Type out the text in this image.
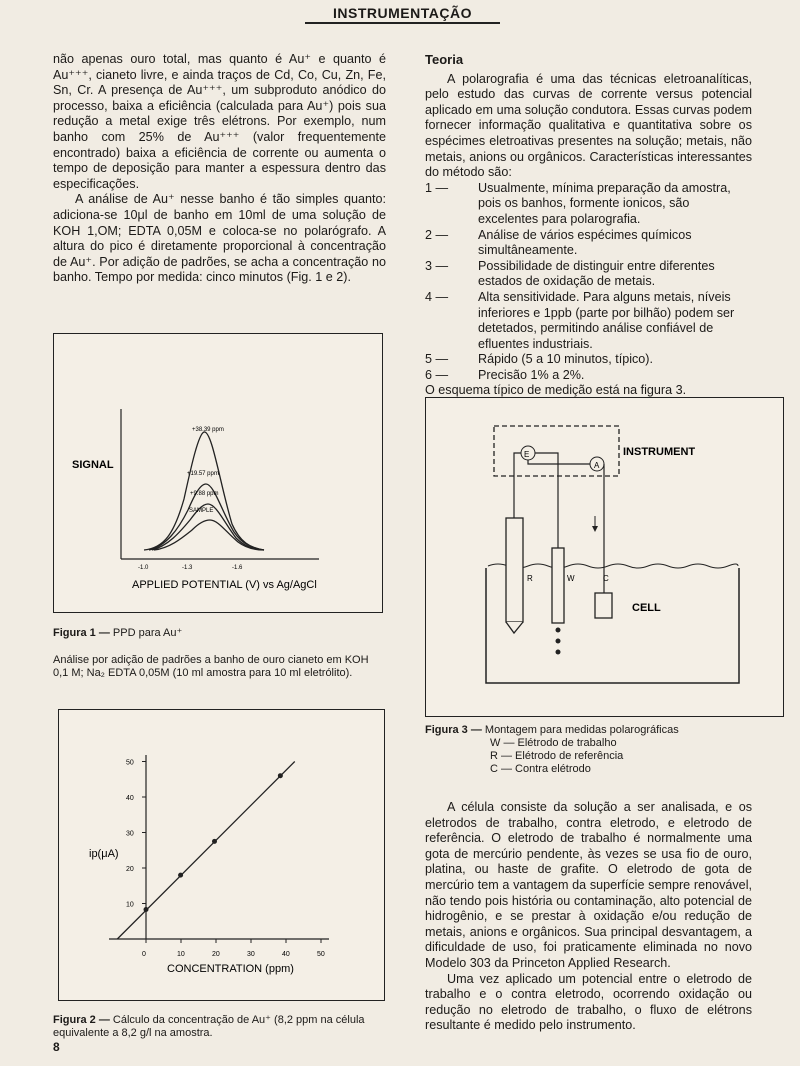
INSTRUMENTAÇÃO

não apenas ouro total, mas quanto é Au⁺ e quanto é Au⁺⁺⁺, cianeto livre, e ainda traços de Cd, Co, Cu, Zn, Fe, Sn, Cr. A presença de Au⁺⁺⁺, um subproduto anódico do processo, baixa a eficiência (calculada para Au⁺) pois sua redução a metal exige três elétrons. Por exemplo, num banho com 25% de Au⁺⁺⁺ (valor frequentemente encontrado) baixa a eficiência de corrente ou aumenta o tempo de deposição para manter a espessura dentro das especificações.

A análise de Au⁺ nesse banho é tão simples quanto: adiciona-se 10μl de banho em 10ml de uma solução de KOH 1,OM; EDTA 0,05M e coloca-se no polarógrafo. A altura do pico é diretamente proporcional à concentração de Au⁺. Por adição de padrões, se acha a concentração no banho. Tempo por medida: cinco minutos (Fig. 1 e 2).

SIGNAL
+38.39 ppm
+19.57 ppm
+9.88 ppm
SAMPLE
-1.0	-1.3	-1.6
APPLIED POTENTIAL (V) vs Ag/AgCl
Figura 1 — PPD para Au⁺
Análise por adição de padrões a banho de ouro cianeto em KOH 0,1 M; Na₂ EDTA 0,05M (10 ml amostra para 10 ml eletrólito).
ip(μA)
CONCENTRATION (ppm)
0	10	20	30	40	50
10
20
30
40
50
Figura 2 — Cálculo da concentração de Au⁺ (8,2 ppm na célula equivalente a 8,2 g/l na amostra.
8
Teoria

A polarografia é uma das técnicas eletroanalíticas, pelo estudo das curvas de corrente versus potencial aplicado em uma solução condutora. Essas curvas podem fornecer informação qualitativa e quantitativa sobre os espécimes eletroativas presentes na solução; metais, não metais, anions ou orgânicos. Características interessantes do método são:

1 —	Usualmente, mínima preparação da amostra, pois os banhos, formente ionicos, são excelentes para polarografia.
2 —	Análise de vários espécimes químicos simultâneamente.
3 —	Possibilidade de distinguir entre diferentes estados de oxidação de metais.
4 —	Alta sensitividade. Para alguns metais, níveis inferiores e 1ppb (parte por bilhão) podem ser detetados, permitindo análise confiável de efluentes industriais.
5 —	Rápido (5 a 10 minutos, típico).
6 —	Precisão 1% a 2%.

O esquema típico de medição está na figura 3.

INSTRUMENT
E
A
R	W	C
CELL
Figura 3 — Montagem para medidas polarográficas
W — Elétrodo de trabalho
R — Elétrodo de referência
C — Contra elétrodo

A célula consiste da solução a ser analisada, e os eletrodos de trabalho, contra eletrodo, e eletrodo de referência. O eletrodo de trabalho é normalmente uma gota de mercúrio pendente, às vezes se usa fio de ouro, platina, ou haste de grafite. O eletrodo de gota de mercúrio tem a vantagem da superfície sempre renovável, não tendo pois história ou contaminação, alto potencial de hidrogênio, e se prestar à oxidação e/ou redução de metais, anions e orgânicos. Sua principal desvantagem, a dificuldade de uso, foi praticamente eliminada no novo Modelo 303 da Princeton Applied Research.

Uma vez aplicado um potencial entre o eletrodo de trabalho e o contra eletrodo, ocorrendo oxidação ou redução no eletrodo de trabalho, o fluxo de elétrons resultante é medido pelo instrumento.
